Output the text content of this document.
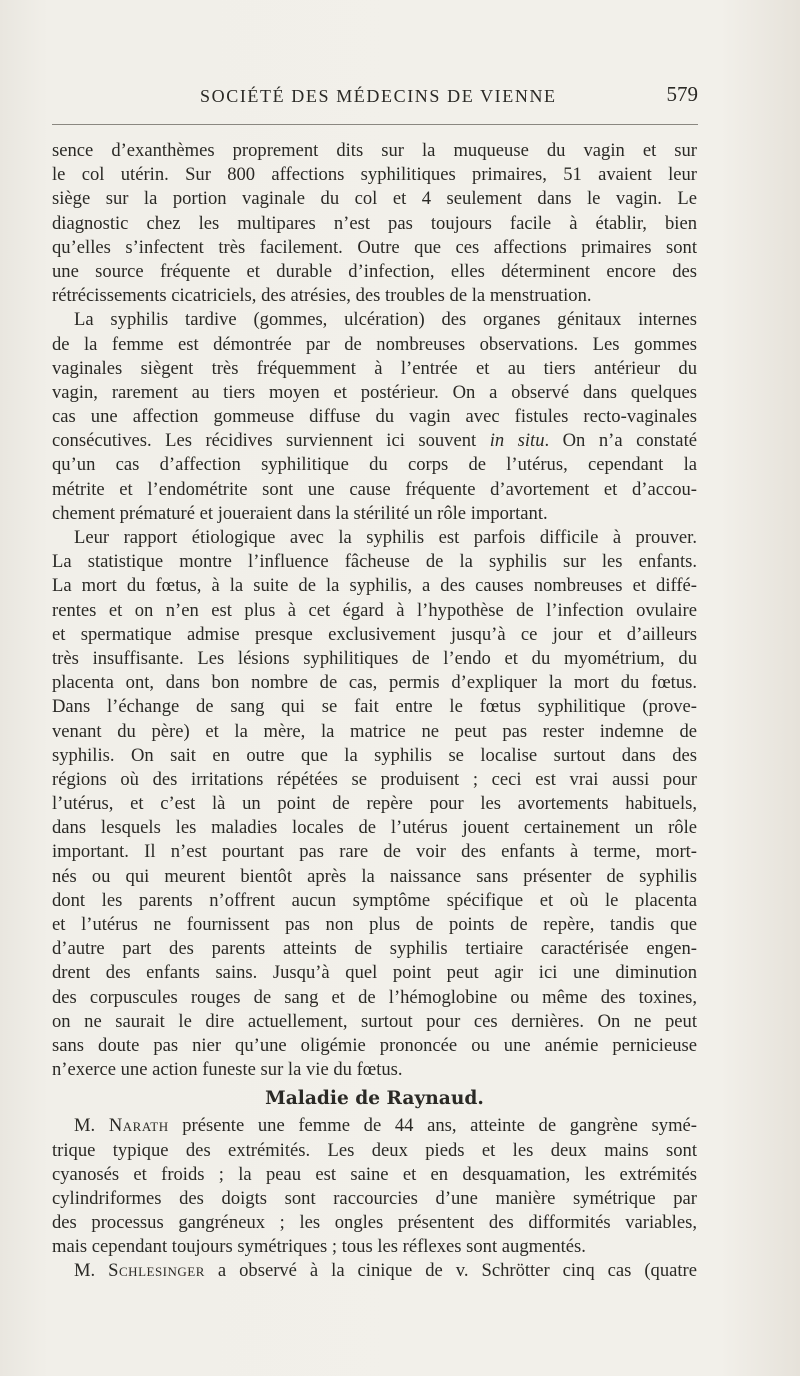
SOCIÉTÉ DES MÉDECINS DE VIENNE	579
sence d’exanthèmes proprement dits sur la muqueuse du vagin et sur
le col utérin. Sur 800 affections syphilitiques primaires, 51 avaient leur
siège sur la portion vaginale du col et 4 seulement dans le vagin. Le
diagnostic chez les multipares n’est pas toujours facile à établir, bien
qu’elles s’infectent très facilement. Outre que ces affections primaires sont
une source fréquente et durable d’infection, elles déterminent encore des
rétrécissements cicatriciels, des atrésies, des troubles de la menstruation.
La syphilis tardive (gommes, ulcération) des organes génitaux internes
de la femme est démontrée par de nombreuses observations. Les gommes
vaginales siègent très fréquemment à l’entrée et au tiers antérieur du
vagin, rarement au tiers moyen et postérieur. On a observé dans quelques
cas une affection gommeuse diffuse du vagin avec fistules recto-vaginales
consécutives. Les récidives surviennent ici souvent in situ. On n’a constaté
qu’un cas d’affection syphilitique du corps de l’utérus, cependant la
métrite et l’endométrite sont une cause fréquente d’avortement et d’accou-
chement prématuré et joueraient dans la stérilité un rôle important.
Leur rapport étiologique avec la syphilis est parfois difficile à prouver.
La statistique montre l’influence fâcheuse de la syphilis sur les enfants.
La mort du fœtus, à la suite de la syphilis, a des causes nombreuses et diffé-
rentes et on n’en est plus à cet égard à l’hypothèse de l’infection ovulaire
et spermatique admise presque exclusivement jusqu’à ce jour et d’ailleurs
très insuffisante. Les lésions syphilitiques de l’endo et du myométrium, du
placenta ont, dans bon nombre de cas, permis d’expliquer la mort du fœtus.
Dans l’échange de sang qui se fait entre le fœtus syphilitique (prove-
venant du père) et la mère, la matrice ne peut pas rester indemne de
syphilis. On sait en outre que la syphilis se localise surtout dans des
régions où des irritations répétées se produisent ; ceci est vrai aussi pour
l’utérus, et c’est là un point de repère pour les avortements habituels,
dans lesquels les maladies locales de l’utérus jouent certainement un rôle
important. Il n’est pourtant pas rare de voir des enfants à terme, mort-
nés ou qui meurent bientôt après la naissance sans présenter de syphilis
dont les parents n’offrent aucun symptôme spécifique et où le placenta
et l’utérus ne fournissent pas non plus de points de repère, tandis que
d’autre part des parents atteints de syphilis tertiaire caractérisée engen-
drent des enfants sains. Jusqu’à quel point peut agir ici une diminution
des corpuscules rouges de sang et de l’hémoglobine ou même des toxines,
on ne saurait le dire actuellement, surtout pour ces dernières. On ne peut
sans doute pas nier qu’une oligémie prononcée ou une anémie pernicieuse
n’exerce une action funeste sur la vie du fœtus.
Maladie de Raynaud.
M. Narath présente une femme de 44 ans, atteinte de gangrène symé-
trique typique des extrémités. Les deux pieds et les deux mains sont
cyanosés et froids ; la peau est saine et en desquamation, les extrémités
cylindriformes des doigts sont raccourcies d’une manière symétrique par
des processus gangréneux ; les ongles présentent des difformités variables,
mais cependant toujours symétriques ; tous les réflexes sont augmentés.
M. Schlesinger a observé à la cinique de v. Schrötter cinq cas (quatre
